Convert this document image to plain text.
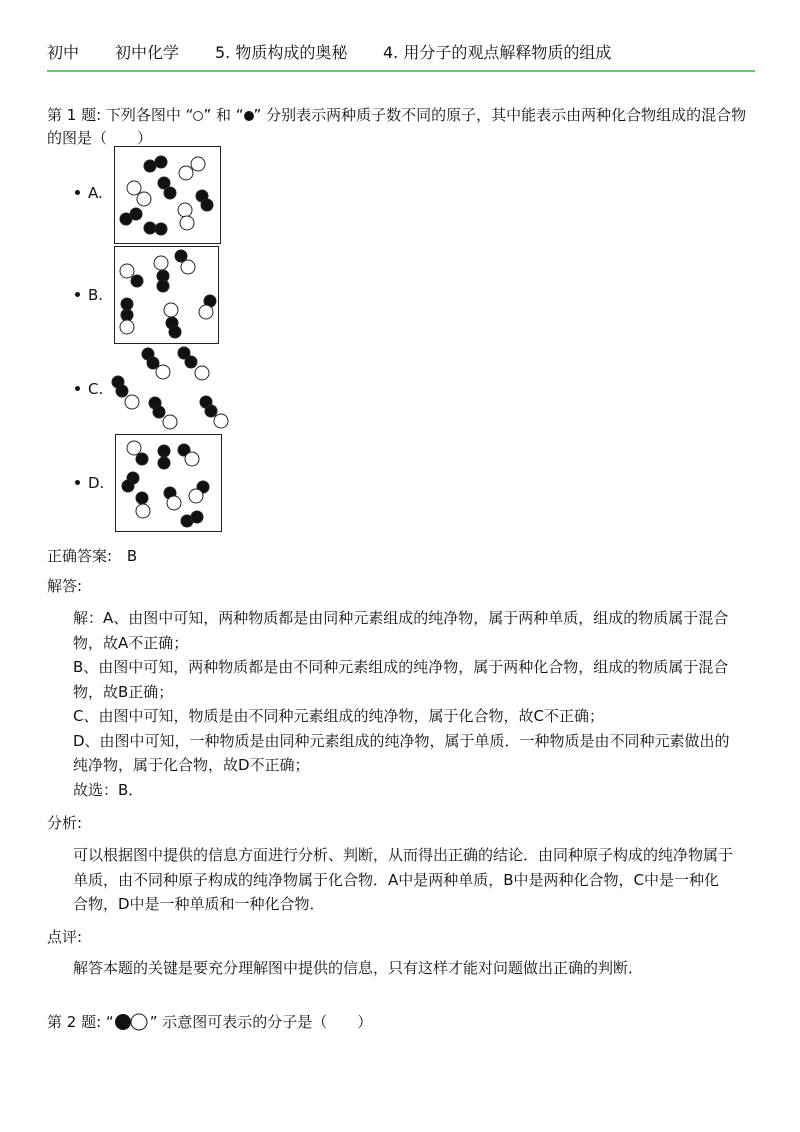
初中 初中化学 5. 物质构成的奥秘 4. 用分子的观点解释物质的组成
第 1 题: 下列各图中 “ ” 和 “ ” 分别表示两种质子数不同的原子，其中能表示由两种化合物组成的混合物的图是（　　）
A.
B.
C.
D.
正确答案: B
解答:
解：A、由图中可知，两种物质都是由同种元素组成的纯净物，属于两种单质，组成的物质属于混合物，故A不正确；
B、由图中可知，两种物质都是由不同种元素组成的纯净物，属于两种化合物，组成的物质属于混合物，故B正确；
C、由图中可知，物质是由不同种元素组成的纯净物，属于化合物，故C不正确；
D、由图中可知，一种物质是由同种元素组成的纯净物，属于单质．一种物质是由不同种元素做出的纯净物，属于化合物，故D不正确；
故选：B．
分析:
可以根据图中提供的信息方面进行分析、判断，从而得出正确的结论．由同种原子构成的纯净物属于单质，由不同种原子构成的纯净物属于化合物．A中是两种单质，B中是两种化合物，C中是一种化合物，D中是一种单质和一种化合物．
点评:
解答本题的关键是要充分理解图中提供的信息，只有这样才能对问题做出正确的判断．
第 2 题: “ ” 示意图可表示的分子是（　　）
